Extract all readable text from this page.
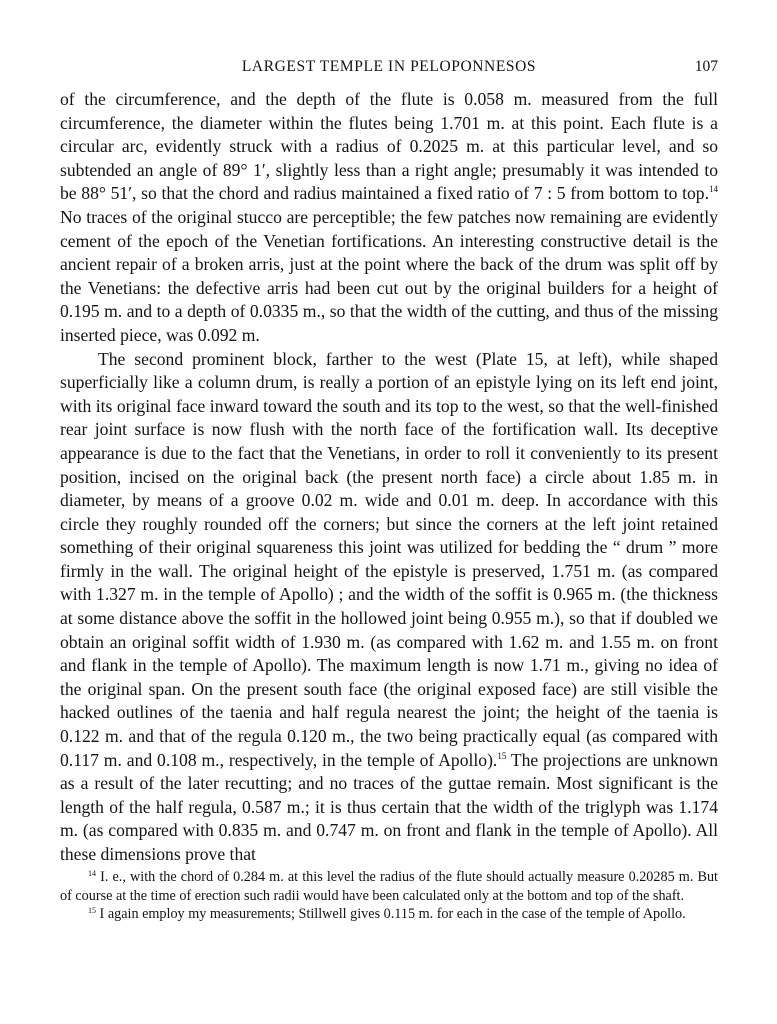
LARGEST TEMPLE IN PELOPONNESOS	107

of the circumference, and the depth of the flute is 0.058 m. measured from the full circumference, the diameter within the flutes being 1.701 m. at this point. Each flute is a circular arc, evidently struck with a radius of 0.2025 m. at this particular level, and so subtended an angle of 89° 1′, slightly less than a right angle; presumably it was intended to be 88° 51′, so that the chord and radius maintained a fixed ratio of 7 : 5 from bottom to top.$^{14}$ No traces of the original stucco are perceptible; the few patches now remaining are evidently cement of the epoch of the Venetian fortifications. An interesting constructive detail is the ancient repair of a broken arris, just at the point where the back of the drum was split off by the Venetians: the defective arris had been cut out by the original builders for a height of 0.195 m. and to a depth of 0.0335 m., so that the width of the cutting, and thus of the missing inserted piece, was 0.092 m.

The second prominent block, farther to the west (Plate 15, at left), while shaped superficially like a column drum, is really a portion of an epistyle lying on its left end joint, with its original face inward toward the south and its top to the west, so that the well-finished rear joint surface is now flush with the north face of the fortification wall. Its deceptive appearance is due to the fact that the Venetians, in order to roll it conveniently to its present position, incised on the original back (the present north face) a circle about 1.85 m. in diameter, by means of a groove 0.02 m. wide and 0.01 m. deep. In accordance with this circle they roughly rounded off the corners; but since the corners at the left joint retained something of their original squareness this joint was utilized for bedding the “ drum ” more firmly in the wall. The original height of the epistyle is preserved, 1.751 m. (as compared with 1.327 m. in the temple of Apollo) ; and the width of the soffit is 0.965 m. (the thickness at some distance above the soffit in the hollowed joint being 0.955 m.), so that if doubled we obtain an original soffit width of 1.930 m. (as compared with 1.62 m. and 1.55 m. on front and flank in the temple of Apollo). The maximum length is now 1.71 m., giving no idea of the original span. On the present south face (the original exposed face) are still visible the hacked outlines of the taenia and half regula nearest the joint; the height of the taenia is 0.122 m. and that of the regula 0.120 m., the two being practically equal (as compared with 0.117 m. and 0.108 m., respectively, in the temple of Apollo).$^{15}$ The projections are unknown as a result of the later recutting; and no traces of the guttae remain. Most significant is the length of the half regula, 0.587 m.; it is thus certain that the width of the triglyph was 1.174 m. (as compared with 0.835 m. and 0.747 m. on front and flank in the temple of Apollo). All these dimensions prove that

$^{14}$ I. e., with the chord of 0.284 m. at this level the radius of the flute should actually measure 0.20285 m. But of course at the time of erection such radii would have been calculated only at the bottom and top of the shaft.

$^{15}$ I again employ my measurements; Stillwell gives 0.115 m. for each in the case of the temple of Apollo.
